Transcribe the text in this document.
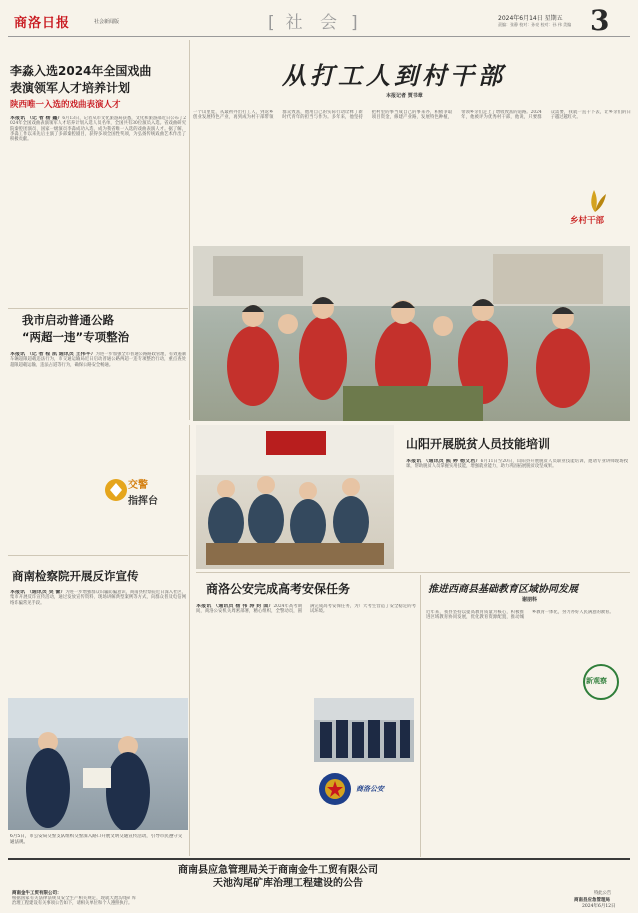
商洛日报	社会新闻版	[ 社 会 ]	2024年6月14日 星期五
责编：张静 校对：孙亮 校对：孙 伟 美编 3
李淼入选2024年全国戏曲
表演领军人才培养计划
陕西唯一入选的戏曲表演人才
本报讯 （记 者 杨 鑫）6月13日，记者从市文化旅游局获悉，文化和旅游部近日公布了2024年全国戏曲表演领军人才培养计划入选人员名单，全国共有30位演员入选。省戏曲研究院秦腔团演员、国家一级演员李淼成功入选，成为我省唯一入选的戏曲表演人才。据了解，李淼工作以来先后主演了多部秦腔剧目，获得多项全国性奖项，为弘扬传统戏曲艺术作出了积极贡献。
从打工人到村干部
本报记者 贾书章
一个山里娃，从最初外出打工人，到返乡创业发展特色产业，再到成为村干部带领群众致富，他用自己的实际行动诠释了新时代青年的担当与作为。多年来，他坚持把村里的事当成自己的事来办，积极争取项目资金，修建产业路，发展特色种植，带领乡亲们走上了增收致富的道路。2024年，他被评为优秀村干部，他说，只要群众需要，我就一直干下去，让乡亲们的日子越过越红火。
乡村干部
我市启动普通公路
“两超一违”专项整治
本报讯 （记 者 程 凯 通讯员 王伟平）为进一步加强全市普通公路路政管理，有效遏制车辆超限超载违法行为，市交通运输局近日启动普通公路两超一违专项整治行动，重点查处超限超载运输、违法占道等行为，确保公路安全畅通。
交警
指挥台
山阳开展脱贫人员技能培训
本报讯 （通讯员 熊 婷 杨文君）6月11日至20日，山阳县开展脱贫人员职业技能培训，邀请专业讲师现场授课，帮助脱贫人员掌握实用技能，增强就业能力，助力巩固拓展脱贫攻坚成果。
商南检察院开展反诈宣传
本报讯 （通讯员 吴 蕾）为进一步增强群众识骗防骗意识，商南县检察院近日深入社区、集市开展反诈宣传活动，通过发放宣传资料、现场讲解典型案例等方式，向群众普及电信网络诈骗常见手段。
6月5日，市公安局交警支队组织交警深入路口开展文明交通宣传活动，引导市民遵守交通法规。
商洛公安完成高考安保任务
本报讯 （通讯员 杨 伟 涛 封 面）2024年高考期间，商洛公安机关周密部署，精心组织，全警动员，圆满完成高考安保任务，为广大考生营造了安全稳定的考试环境。
商洛公安
推进西商县基础教育区域协同发展
谢朋科
近年来，我县坚持以提高教育质量为核心，积极推进区域教育协同发展，优化教育资源配置，推动城乡教育一体化，努力办好人民满意的教育。
新观察
商南县应急管理局关于商南金牛工贸有限公司
天池沟尾矿库治理工程建设的公告
商南金牛工贸有限公司：
根据国家有关法律法规及安全生产相关规定，现就天池沟尾矿库治理工程建设有关事项公告如下，请相关单位和个人遵照执行。
特此公告
商南县应急管理局
2024年6月12日
